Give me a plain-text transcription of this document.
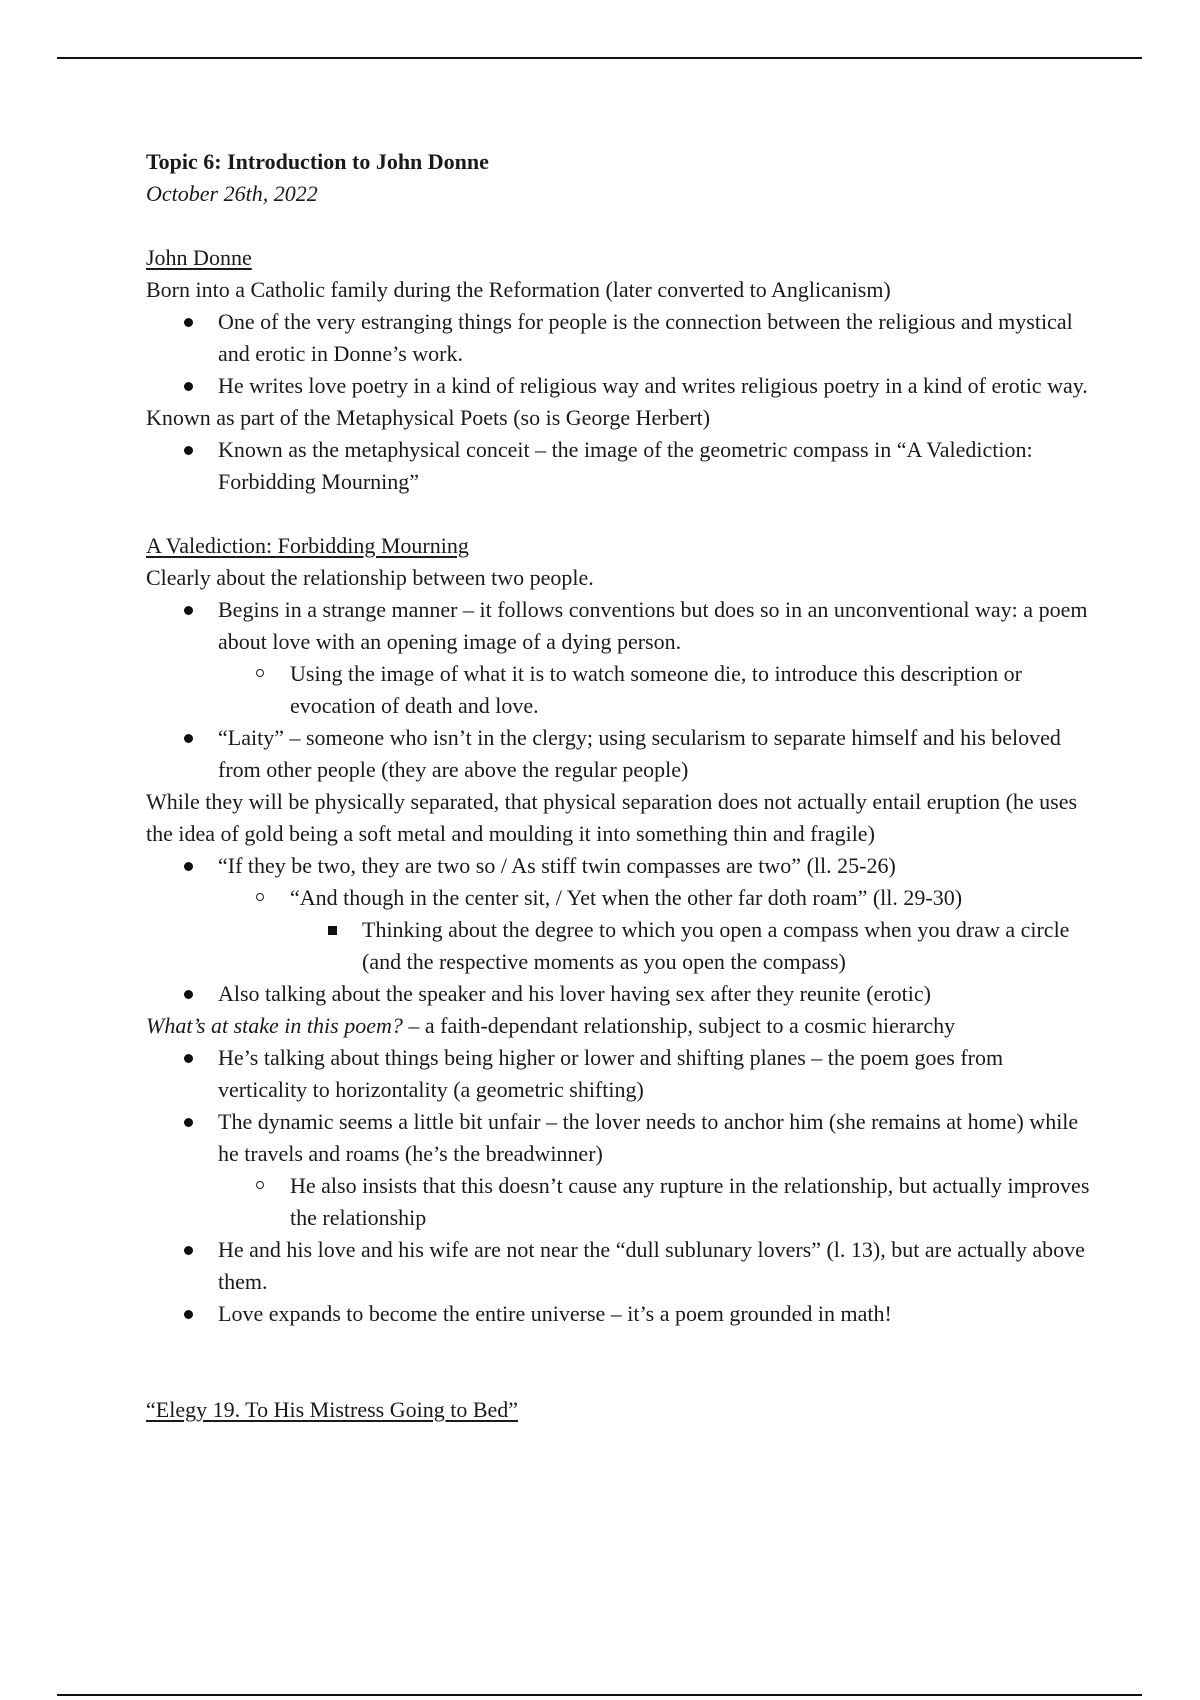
Topic 6: Introduction to John Donne

October 26th, 2022

John Donne

Born into a Catholic family during the Reformation (later converted to Anglicanism)

One of the very estranging things for people is the connection between the religious and mystical and erotic in Donne’s work.
He writes love poetry in a kind of religious way and writes religious poetry in a kind of erotic way.

Known as part of the Metaphysical Poets (so is George Herbert)

Known as the metaphysical conceit – the image of the geometric compass in “A Valediction: Forbidding Mourning”

A Valediction: Forbidding Mourning

Clearly about the relationship between two people.

Begins in a strange manner – it follows conventions but does so in an unconventional way: a poem about love with an opening image of a dying person.
Using the image of what it is to watch someone die, to introduce this description or evocation of death and love.
“Laity” – someone who isn’t in the clergy; using secularism to separate himself and his beloved from other people (they are above the regular people)

While they will be physically separated, that physical separation does not actually entail eruption (he uses the idea of gold being a soft metal and moulding it into something thin and fragile)

“If they be two, they are two so / As stiff twin compasses are two” (ll. 25-26)
“And though in the center sit, / Yet when the other far doth roam” (ll. 29-30)
Thinking about the degree to which you open a compass when you draw a circle (and the respective moments as you open the compass)
Also talking about the speaker and his lover having sex after they reunite (erotic)

What’s at stake in this poem? – a faith-dependant relationship, subject to a cosmic hierarchy

He’s talking about things being higher or lower and shifting planes – the poem goes from verticality to horizontality (a geometric shifting)
The dynamic seems a little bit unfair – the lover needs to anchor him (she remains at home) while he travels and roams (he’s the breadwinner)
He also insists that this doesn’t cause any rupture in the relationship, but actually improves the relationship
He and his love and his wife are not near the “dull sublunary lovers” (l. 13), but are actually above them.
Love expands to become the entire universe – it’s a poem grounded in math!

“Elegy 19. To His Mistress Going to Bed”
